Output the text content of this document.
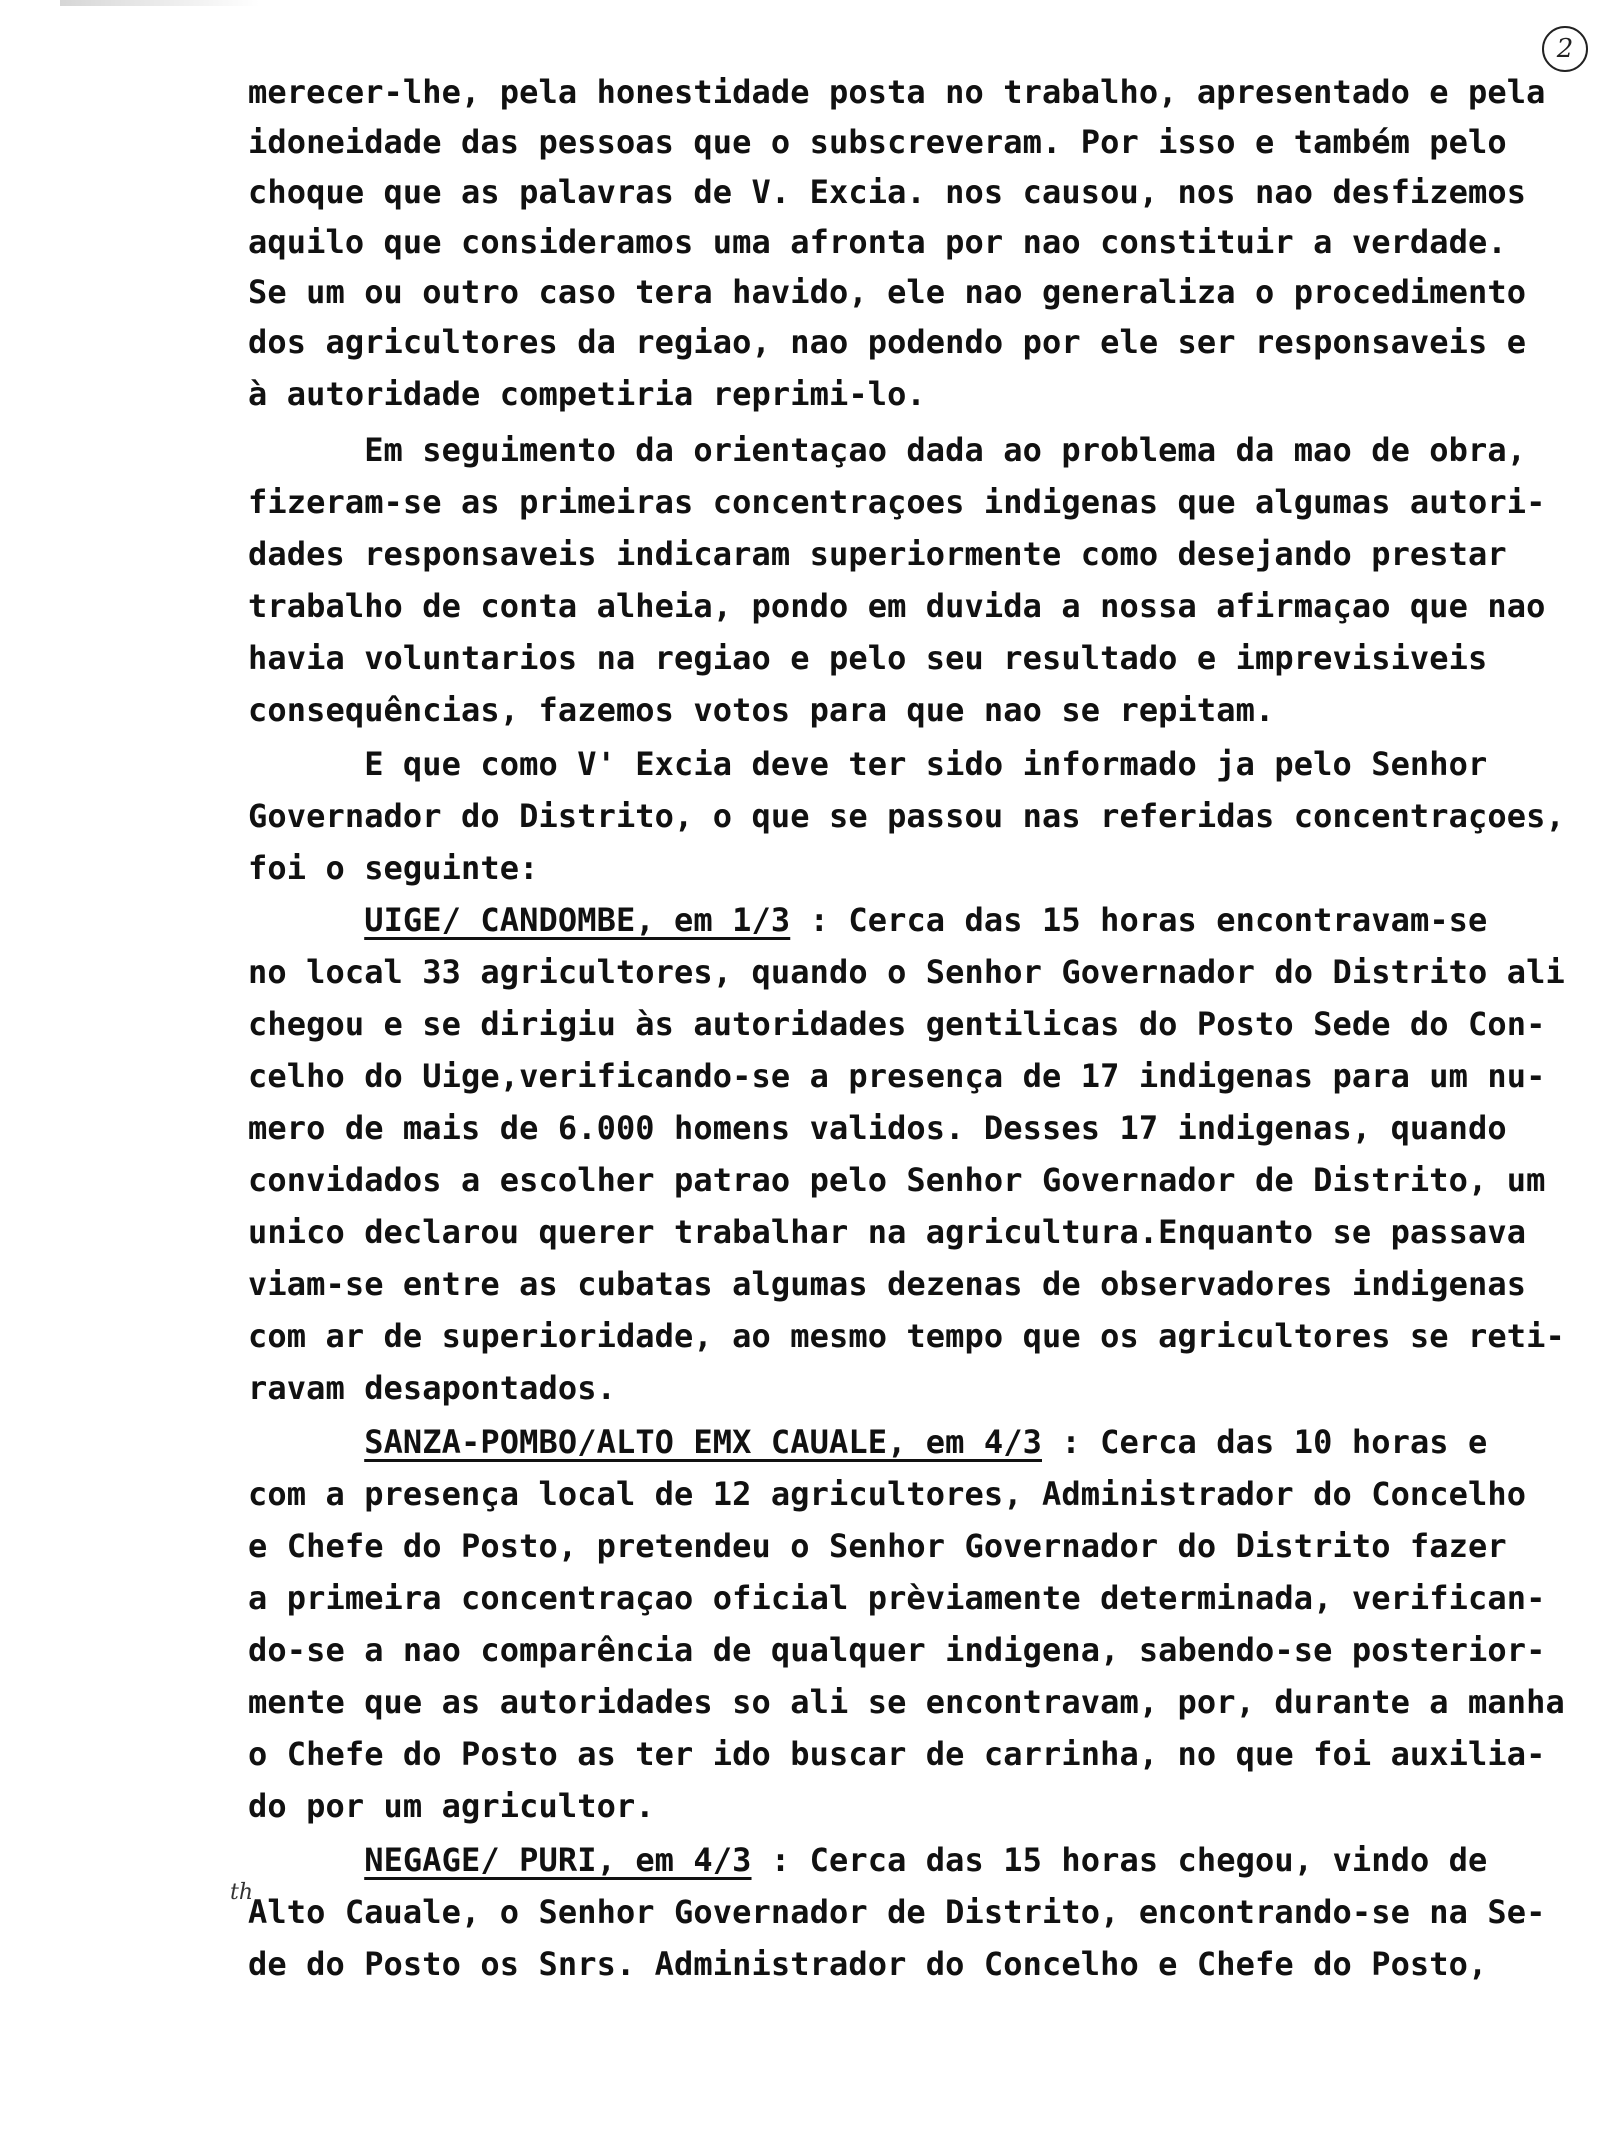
2
th
merecer-lhe, pela honestidade posta no trabalho, apresentado e pela
idoneidade das pessoas que o subscreveram. Por isso e também pelo
choque que as palavras de V. Excia. nos causou, nos nao desfizemos
aquilo que consideramos uma afronta por nao constituir a verdade.
Se um ou outro caso tera havido, ele nao generaliza o procedimento
dos agricultores da regiao, nao podendo por ele ser responsaveis e
à autoridade competiria reprimi-lo.
Em seguimento da orientaçao dada ao problema da mao de obra,
fizeram-se as primeiras concentraçoes indigenas que algumas autori-
dades responsaveis indicaram superiormente como desejando prestar
trabalho de conta alheia, pondo em duvida a nossa afirmaçao que nao
havia voluntarios na regiao e pelo seu resultado e imprevisiveis
consequências, fazemos votos para que nao se repitam.
E que como V' Excia deve ter sido informado ja pelo Senhor
Governador do Distrito, o que se passou nas referidas concentraçoes,
foi o seguinte:
UIGE/ CANDOMBE, em 1/3 : Cerca das 15 horas encontravam-se
no local 33 agricultores, quando o Senhor Governador do Distrito ali
chegou e se dirigiu às autoridades gentilicas do Posto Sede do Con-
celho do Uige,verificando-se a presença de 17 indigenas para um nu-
mero de mais de 6.000 homens validos. Desses 17 indigenas, quando
convidados a escolher patrao pelo Senhor Governador de Distrito, um
unico declarou querer trabalhar na agricultura.Enquanto se passava
viam-se entre as cubatas algumas dezenas de observadores indigenas
com ar de superioridade, ao mesmo tempo que os agricultores se reti-
ravam desapontados.
SANZA-POMBO/ALTO EMX CAUALE, em 4/3 : Cerca das 10 horas e
com a presença local de 12 agricultores, Administrador do Concelho
e Chefe do Posto, pretendeu o Senhor Governador do Distrito fazer
a primeira concentraçao oficial prèviamente determinada, verifican-
do-se a nao comparência de qualquer indigena, sabendo-se posterior-
mente que as autoridades so ali se encontravam, por, durante a manha
o Chefe do Posto as ter ido buscar de carrinha, no que foi auxilia-
do por um agricultor.
NEGAGE/ PURI, em 4/3 : Cerca das 15 horas chegou, vindo de
Alto Cauale, o Senhor Governador de Distrito, encontrando-se na Se-
de do Posto os Snrs. Administrador do Concelho e Chefe do Posto,
